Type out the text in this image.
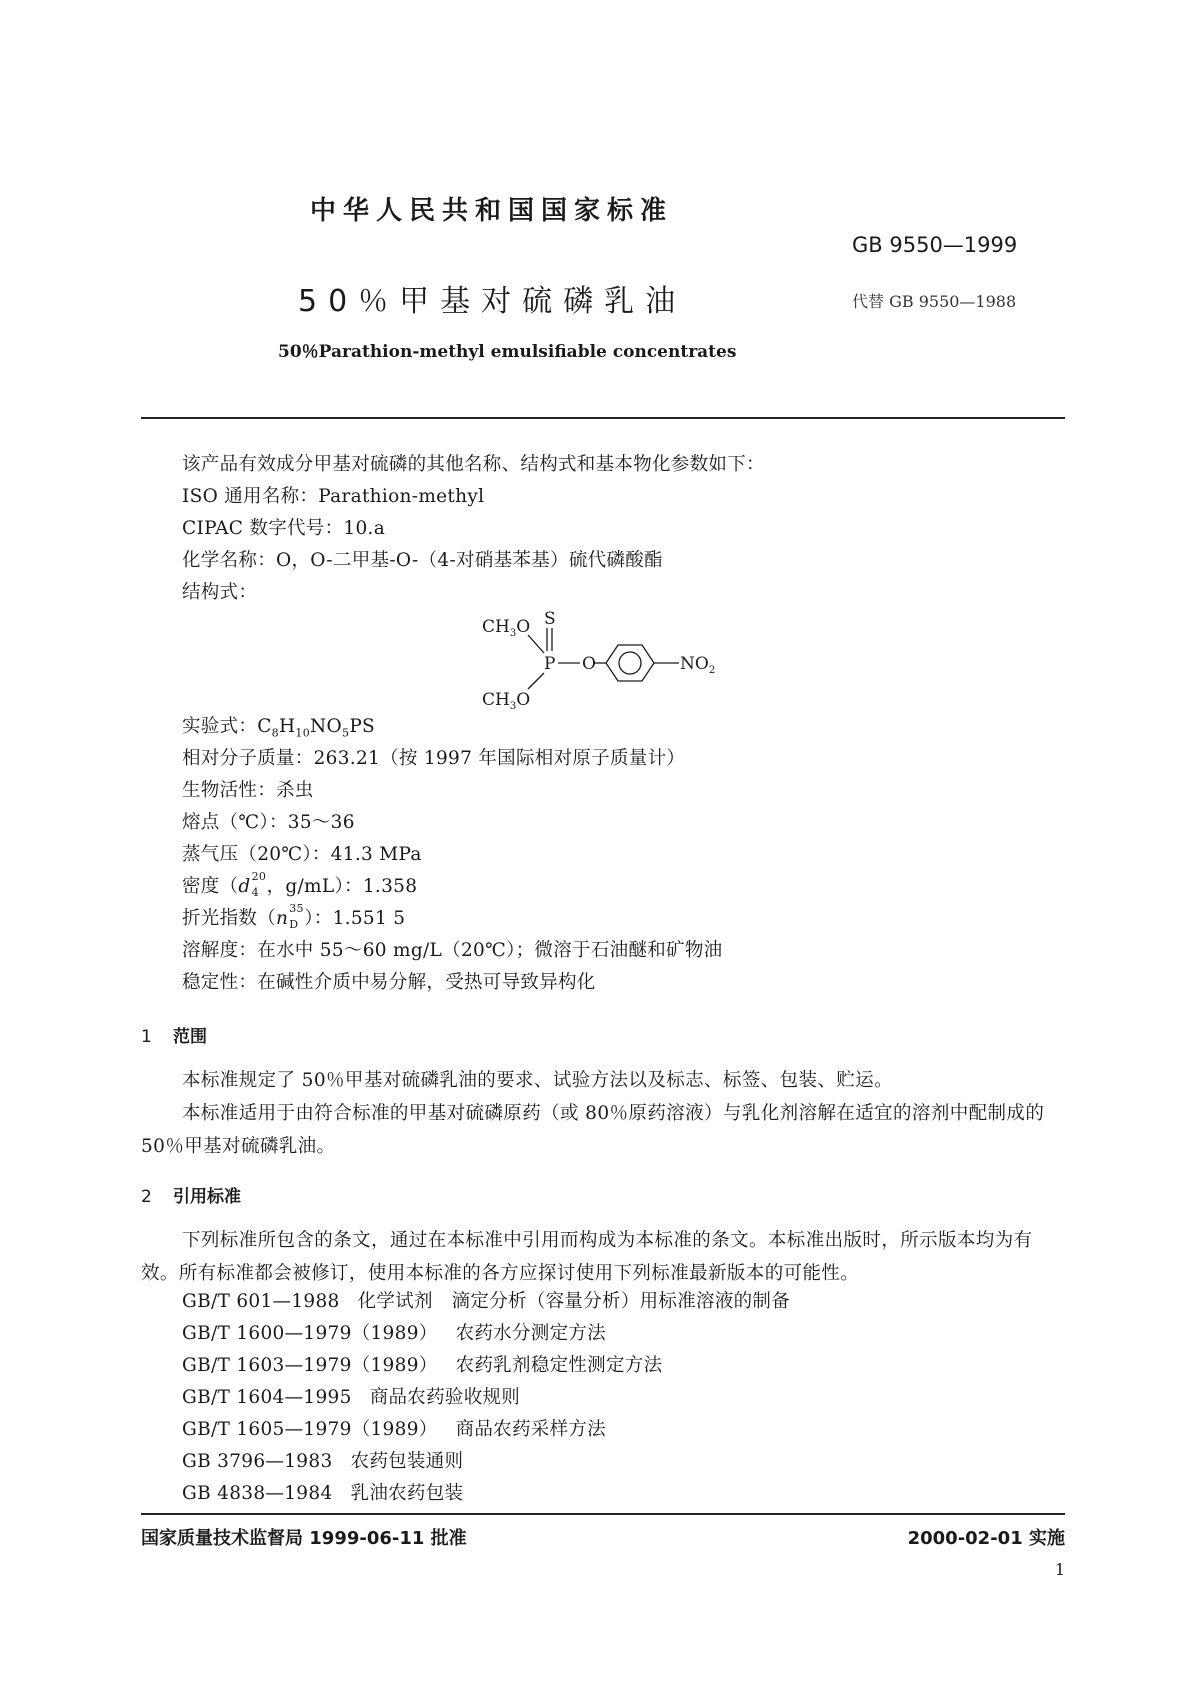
中华人民共和国国家标准
GB 9550—1999
50％甲基对硫磷乳油	代替 GB 9550—1988
50％Parathion-methyl emulsifiable concentrates
该产品有效成分甲基对硫磷的其他名称、结构式和基本物化参数如下：
ISO 通用名称：Parathion-methyl
CIPAC 数字代号：10.a
化学名称：O，O-二甲基-O-（4-对硝基苯基）硫代磷酸酯
结构式：
$CH_3O$ S
P O	$NO_2$
$CH_3O$
实验式：$C_8H_{10}NO_5PS$
相对分子质量：263.21（按 1997 年国际相对原子质量计）
生物活性：杀虫
熔点（℃）：35～36
蒸气压（20℃）：41.3 MPa
密度（d 20
4 ，g/mL）：1.358
折光指数（n 35
D ）：1.551 5
溶解度：在水中 55～60 mg/L（20℃）；微溶于石油醚和矿物油
稳定性：在碱性介质中易分解，受热可导致异构化
1 范围
本标准规定了 50％甲基对硫磷乳油的要求、试验方法以及标志、标签、包装、贮运。
本标准适用于由符合标准的甲基对硫磷原药（或 80％原药溶液）与乳化剂溶解在适宜的溶剂中配制成的 50％甲基对硫磷乳油。
2 引用标准
下列标准所包含的条文，通过在本标准中引用而构成为本标准的条文。本标准出版时，所示版本均为有效。所有标准都会被修订，使用本标准的各方应探讨使用下列标准最新版本的可能性。
GB/T 601—1988 化学试剂　滴定分析（容量分析）用标准溶液的制备
GB/T 1600—1979（1989） 农药水分测定方法
GB/T 1603—1979（1989） 农药乳剂稳定性测定方法
GB/T 1604—1995 商品农药验收规则
GB/T 1605—1979（1989） 商品农药采样方法
GB 3796—1983 农药包装通则
GB 4838—1984 乳油农药包装
国家质量技术监督局 1999-06-11 批准	2000-02-01 实施
1
